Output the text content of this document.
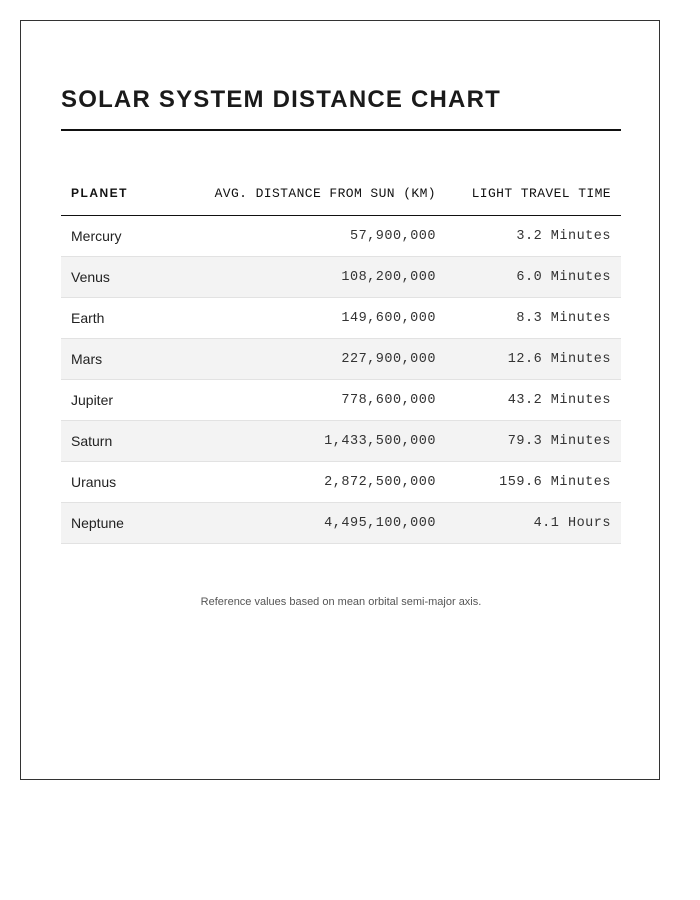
SOLAR SYSTEM DISTANCE CHART
PLANET	AVG. DISTANCE FROM SUN (KM)	LIGHT TRAVEL TIME
Mercury	57,900,000	3.2 Minutes
Venus	108,200,000	6.0 Minutes
Earth	149,600,000	8.3 Minutes
Mars	227,900,000	12.6 Minutes
Jupiter	778,600,000	43.2 Minutes
Saturn	1,433,500,000	79.3 Minutes
Uranus	2,872,500,000	159.6 Minutes
Neptune	4,495,100,000	4.1 Hours
Reference values based on mean orbital semi-major axis.
